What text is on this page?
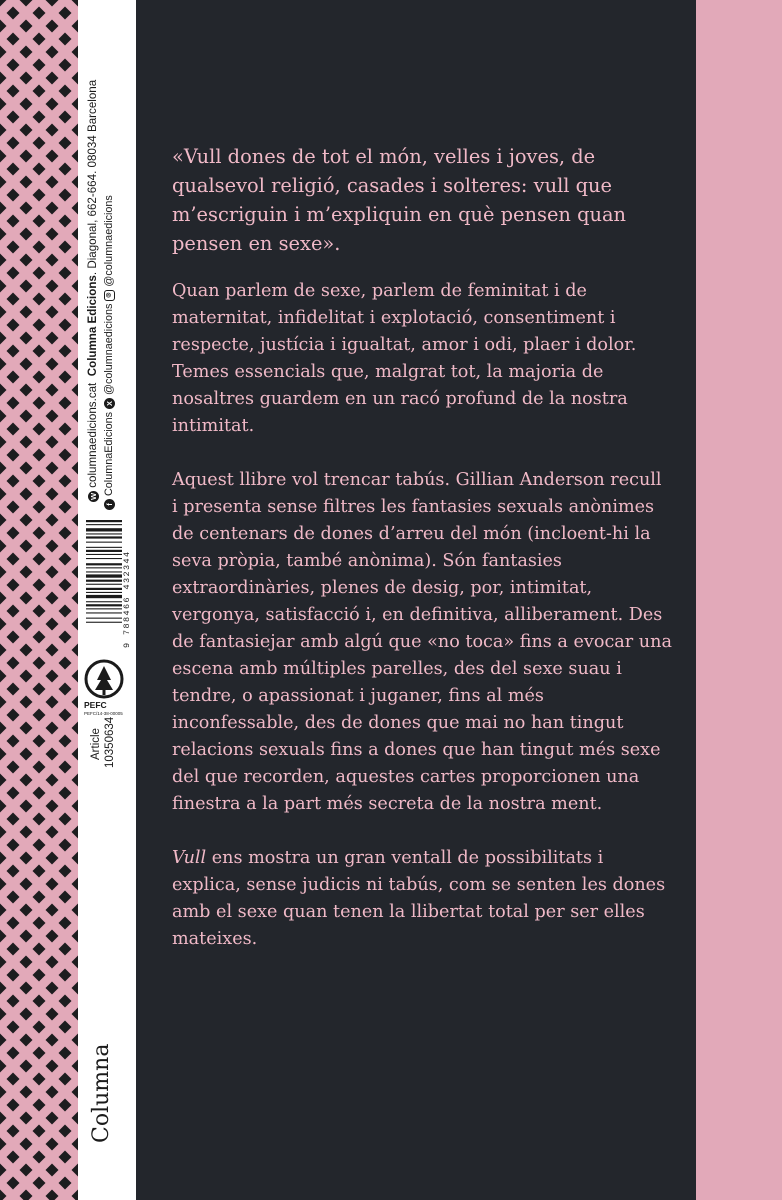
W columnaedicions.cat  Columna Edicions. Diagonal, 662-664. 08034 Barcelona
f
ColumnaEdicions
X
@columnaedicions
◎
@columnaedicions
9 788466 432344
PEFC
PEFC/14-38-00005
Article 10350634
Columna

«Vull dones de tot el món, velles i joves, de qualsevol religió, casades i solteres: vull que m’escriguin i m’expliquin en què pensen quan pensen en sexe».

Quan parlem de sexe, parlem de feminitat i de maternitat, infidelitat i explotació, consentiment i respecte, justícia i igualtat, amor i odi, plaer i dolor. Temes essencials que, malgrat tot, la majoria de nosaltres guardem en un racó profund de la nostra intimitat.

Aquest llibre vol trencar tabús. Gillian Anderson recull i presenta sense filtres les fantasies sexuals anònimes de centenars de dones d’arreu del món (incloent-hi la seva pròpia, també anònima). Són fantasies extraordinàries, plenes de desig, por, intimitat, vergonya, satisfacció i, en definitiva, alliberament. Des de fantasiejar amb algú que «no toca» fins a evocar una escena amb múltiples parelles, des del sexe suau i tendre, o apassionat i juganer, fins al més inconfessable, des de dones que mai no han tingut relacions sexuals fins a dones que han tingut més sexe del que recorden, aquestes cartes proporcionen una finestra a la part més secreta de la nostra ment.

Vull ens mostra un gran ventall de possibilitats i explica, sense judicis ni tabús, com se senten les dones amb el sexe quan tenen la llibertat total per ser elles mateixes.
